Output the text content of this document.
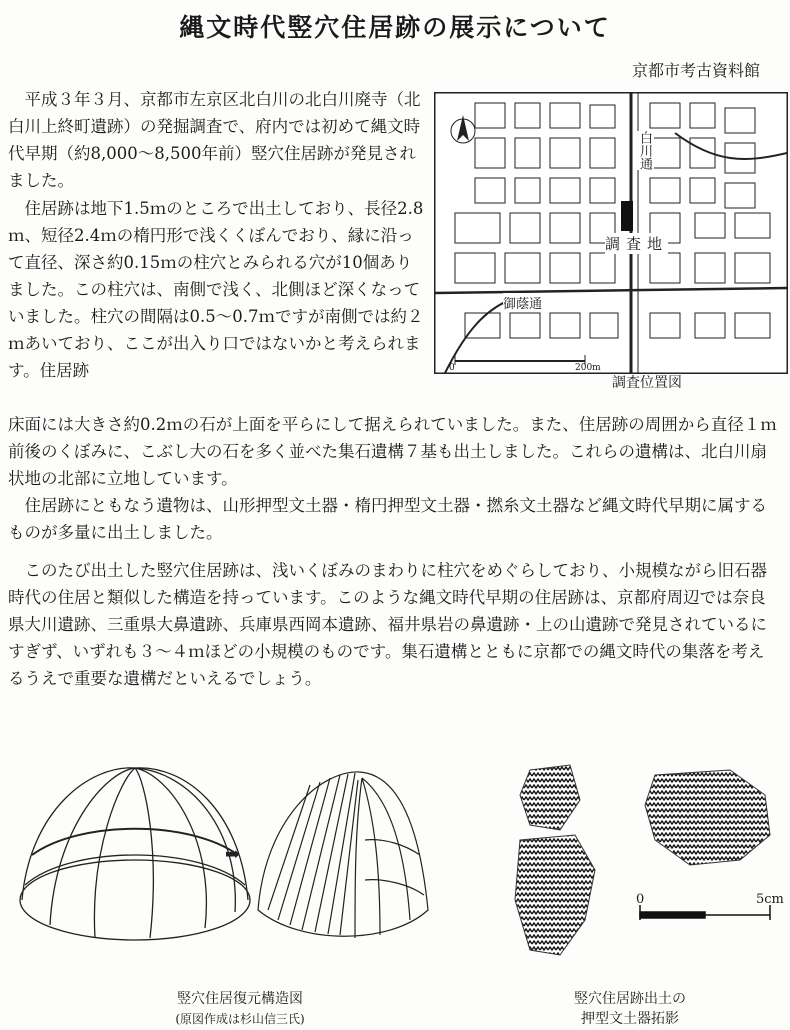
縄文時代竪穴住居跡の展示について
京都市考古資料館

　平成３年３月、京都市左京区北白川の北白川廃寺（北白川上終町遺跡）の発掘調査で、府内では初めて縄文時代早期（約8,000〜8,500年前）竪穴住居跡が発見されました。

　住居跡は地下1.5ｍのところで出土しており、長径2.8ｍ、短径2.4ｍの楕円形で浅くくぼんでおり、縁に沿って直径、深さ約0.15ｍの柱穴とみられる穴が10個ありました。この柱穴は、南側で浅く、北側ほど深くなっていました。柱穴の間隔は0.5〜0.7ｍですが南側では約２ｍあいており、ここが出入り口ではないかと考えられます。住居跡

床面には大きさ約0.2ｍの石が上面を平らにして据えられていました。また、住居跡の周囲から直径１ｍ前後のくぼみに、こぶし大の石を多く並べた集石遺構７基も出土しました。これらの遺構は、北白川扇状地の北部に立地しています。

　住居跡にともなう遺物は、山形押型文土器・楕円押型文土器・撚糸文土器など縄文時代早期に属するものが多量に出土しました。

　このたび出土した竪穴住居跡は、浅いくぼみのまわりに柱穴をめぐらしており、小規模ながら旧石器時代の住居と類似した構造を持っています。このような縄文時代早期の住居跡は、京都府周辺では奈良県大川遺跡、三重県大鼻遺跡、兵庫県西岡本遺跡、福井県岩の鼻遺跡・上の山遺跡で発見されているにすぎず、いずれも３〜４ｍほどの小規模のものです。集石遺構とともに京都での縄文時代の集落を考えるうえで重要な遺構だといえるでしょう。

白川通
調査地
御蔭通
0	200m
調査位置図
➡
竪穴住居復元構造図
(原図作成は杉山信三氏)
0	5cm
竪穴住居跡出土の
押型文土器拓影
